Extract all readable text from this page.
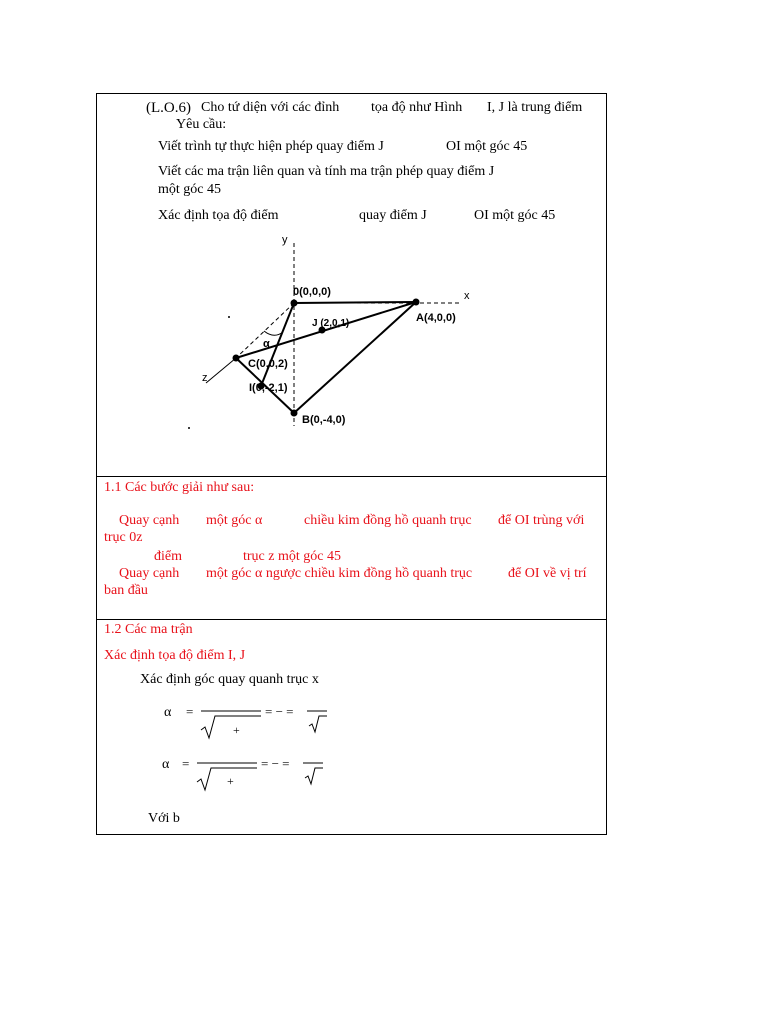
(L.O.6) Cho tứ diện với các đỉnh tọa độ như Hình I, J là trung điểm
Yêu cầu:
Viết trình tự thực hiện phép quay điểm J	OI một góc 45
Viết các ma trận liên quan và tính ma trận phép quay điểm J
một góc 45
Xác định tọa độ điểm	quay điểm J	OI một góc 45
y
x
z
0(0,0,0)
A(4,0,0)
J (2,0,1)
α
C(0,0,2)
I(0,-2,1)
B(0,-4,0)
1.1 Các bước giải như sau:
Quay cạnh một góc α	chiều kim đồng hồ quanh trục để OI trùng với
trục 0z
điểm	trục z một góc 45
Quay cạnh một góc α ngược chiều kim đồng hồ quanh trục	để OI về vị trí
ban đầu
1.2 Các ma trận
Xác định tọa độ điểm I, J
Xác định góc quay quanh trục x
α =
+
= − =
α =
+
= − =
Với b
